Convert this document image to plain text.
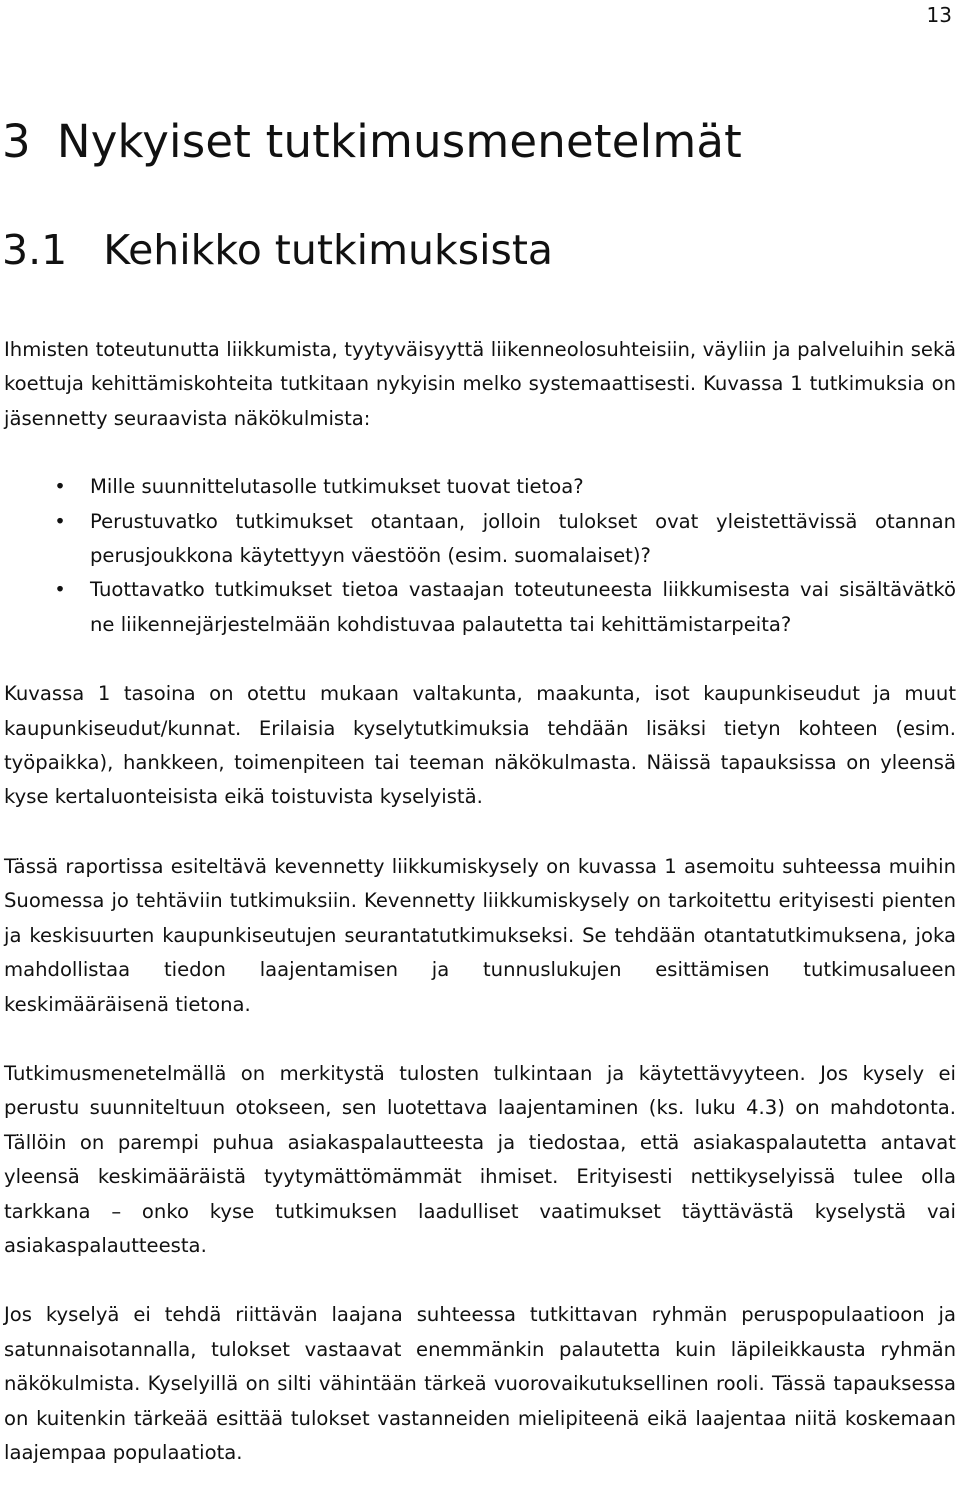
13
3 Nykyiset tutkimusmenetelmät
3.1 Kehikko tutkimuksista

Ihmisten toteutunutta liikkumista, tyytyväisyyttä liikenneolosuhteisiin, väyliin ja palveluihin sekä koettuja kehittämiskohteita tutkitaan nykyisin melko systemaattisesti. Kuvassa 1 tutkimuksia on jäsennetty seuraavista näkökulmista:

• Mille suunnittelutasolle tutkimukset tuovat tietoa?
• Perustuvatko tutkimukset otantaan, jolloin tulokset ovat yleistettävissä otannan perusjoukkona käytettyyn väestöön (esim. suomalaiset)?
• Tuottavatko tutkimukset tietoa vastaajan toteutuneesta liikkumisesta vai sisältävätkö ne liikennejärjestelmään kohdistuvaa palautetta tai kehittämistarpeita?

Kuvassa 1 tasoina on otettu mukaan valtakunta, maakunta, isot kaupunkiseudut ja muut kaupunkiseudut/kunnat. Erilaisia kyselytutkimuksia tehdään lisäksi tietyn kohteen (esim. työpaikka), hankkeen, toimenpiteen tai teeman näkökulmasta. Näissä tapauksissa on yleensä kyse kertaluonteisista eikä toistuvista kyselyistä.

Tässä raportissa esiteltävä kevennetty liikkumiskysely on kuvassa 1 asemoitu suhteessa muihin Suomessa jo tehtäviin tutkimuksiin. Kevennetty liikkumiskysely on tarkoitettu erityisesti pienten ja keskisuurten kaupunkiseutujen seurantatutkimukseksi. Se tehdään otantatutkimuksena, joka mahdollistaa tiedon laajentamisen ja tunnuslukujen esittämisen tutkimusalueen keskimääräisenä tietona.

Tutkimusmenetelmällä on merkitystä tulosten tulkintaan ja käytettävyyteen. Jos kysely ei perustu suunniteltuun otokseen, sen luotettava laajentaminen (ks. luku 4.3) on mahdotonta. Tällöin on parempi puhua asiakaspalautteesta ja tiedostaa, että asiakaspalautetta antavat yleensä keskimääräistä tyytymättömämmät ihmiset. Erityisesti nettikyselyissä tulee olla tarkkana – onko kyse tutkimuksen laadulliset vaatimukset täyttävästä kyselystä vai asiakaspalautteesta.

Jos kyselyä ei tehdä riittävän laajana suhteessa tutkittavan ryhmän peruspopulaatioon ja satunnaisotannalla, tulokset vastaavat enemmänkin palautetta kuin läpileikkausta ryhmän näkökulmista. Kyselyillä on silti vähintään tärkeä vuorovaikutuksellinen rooli. Tässä tapauksessa on kuitenkin tärkeää esittää tulokset vastanneiden mielipiteenä eikä laajentaa niitä koskemaan laajempaa populaatiota.
